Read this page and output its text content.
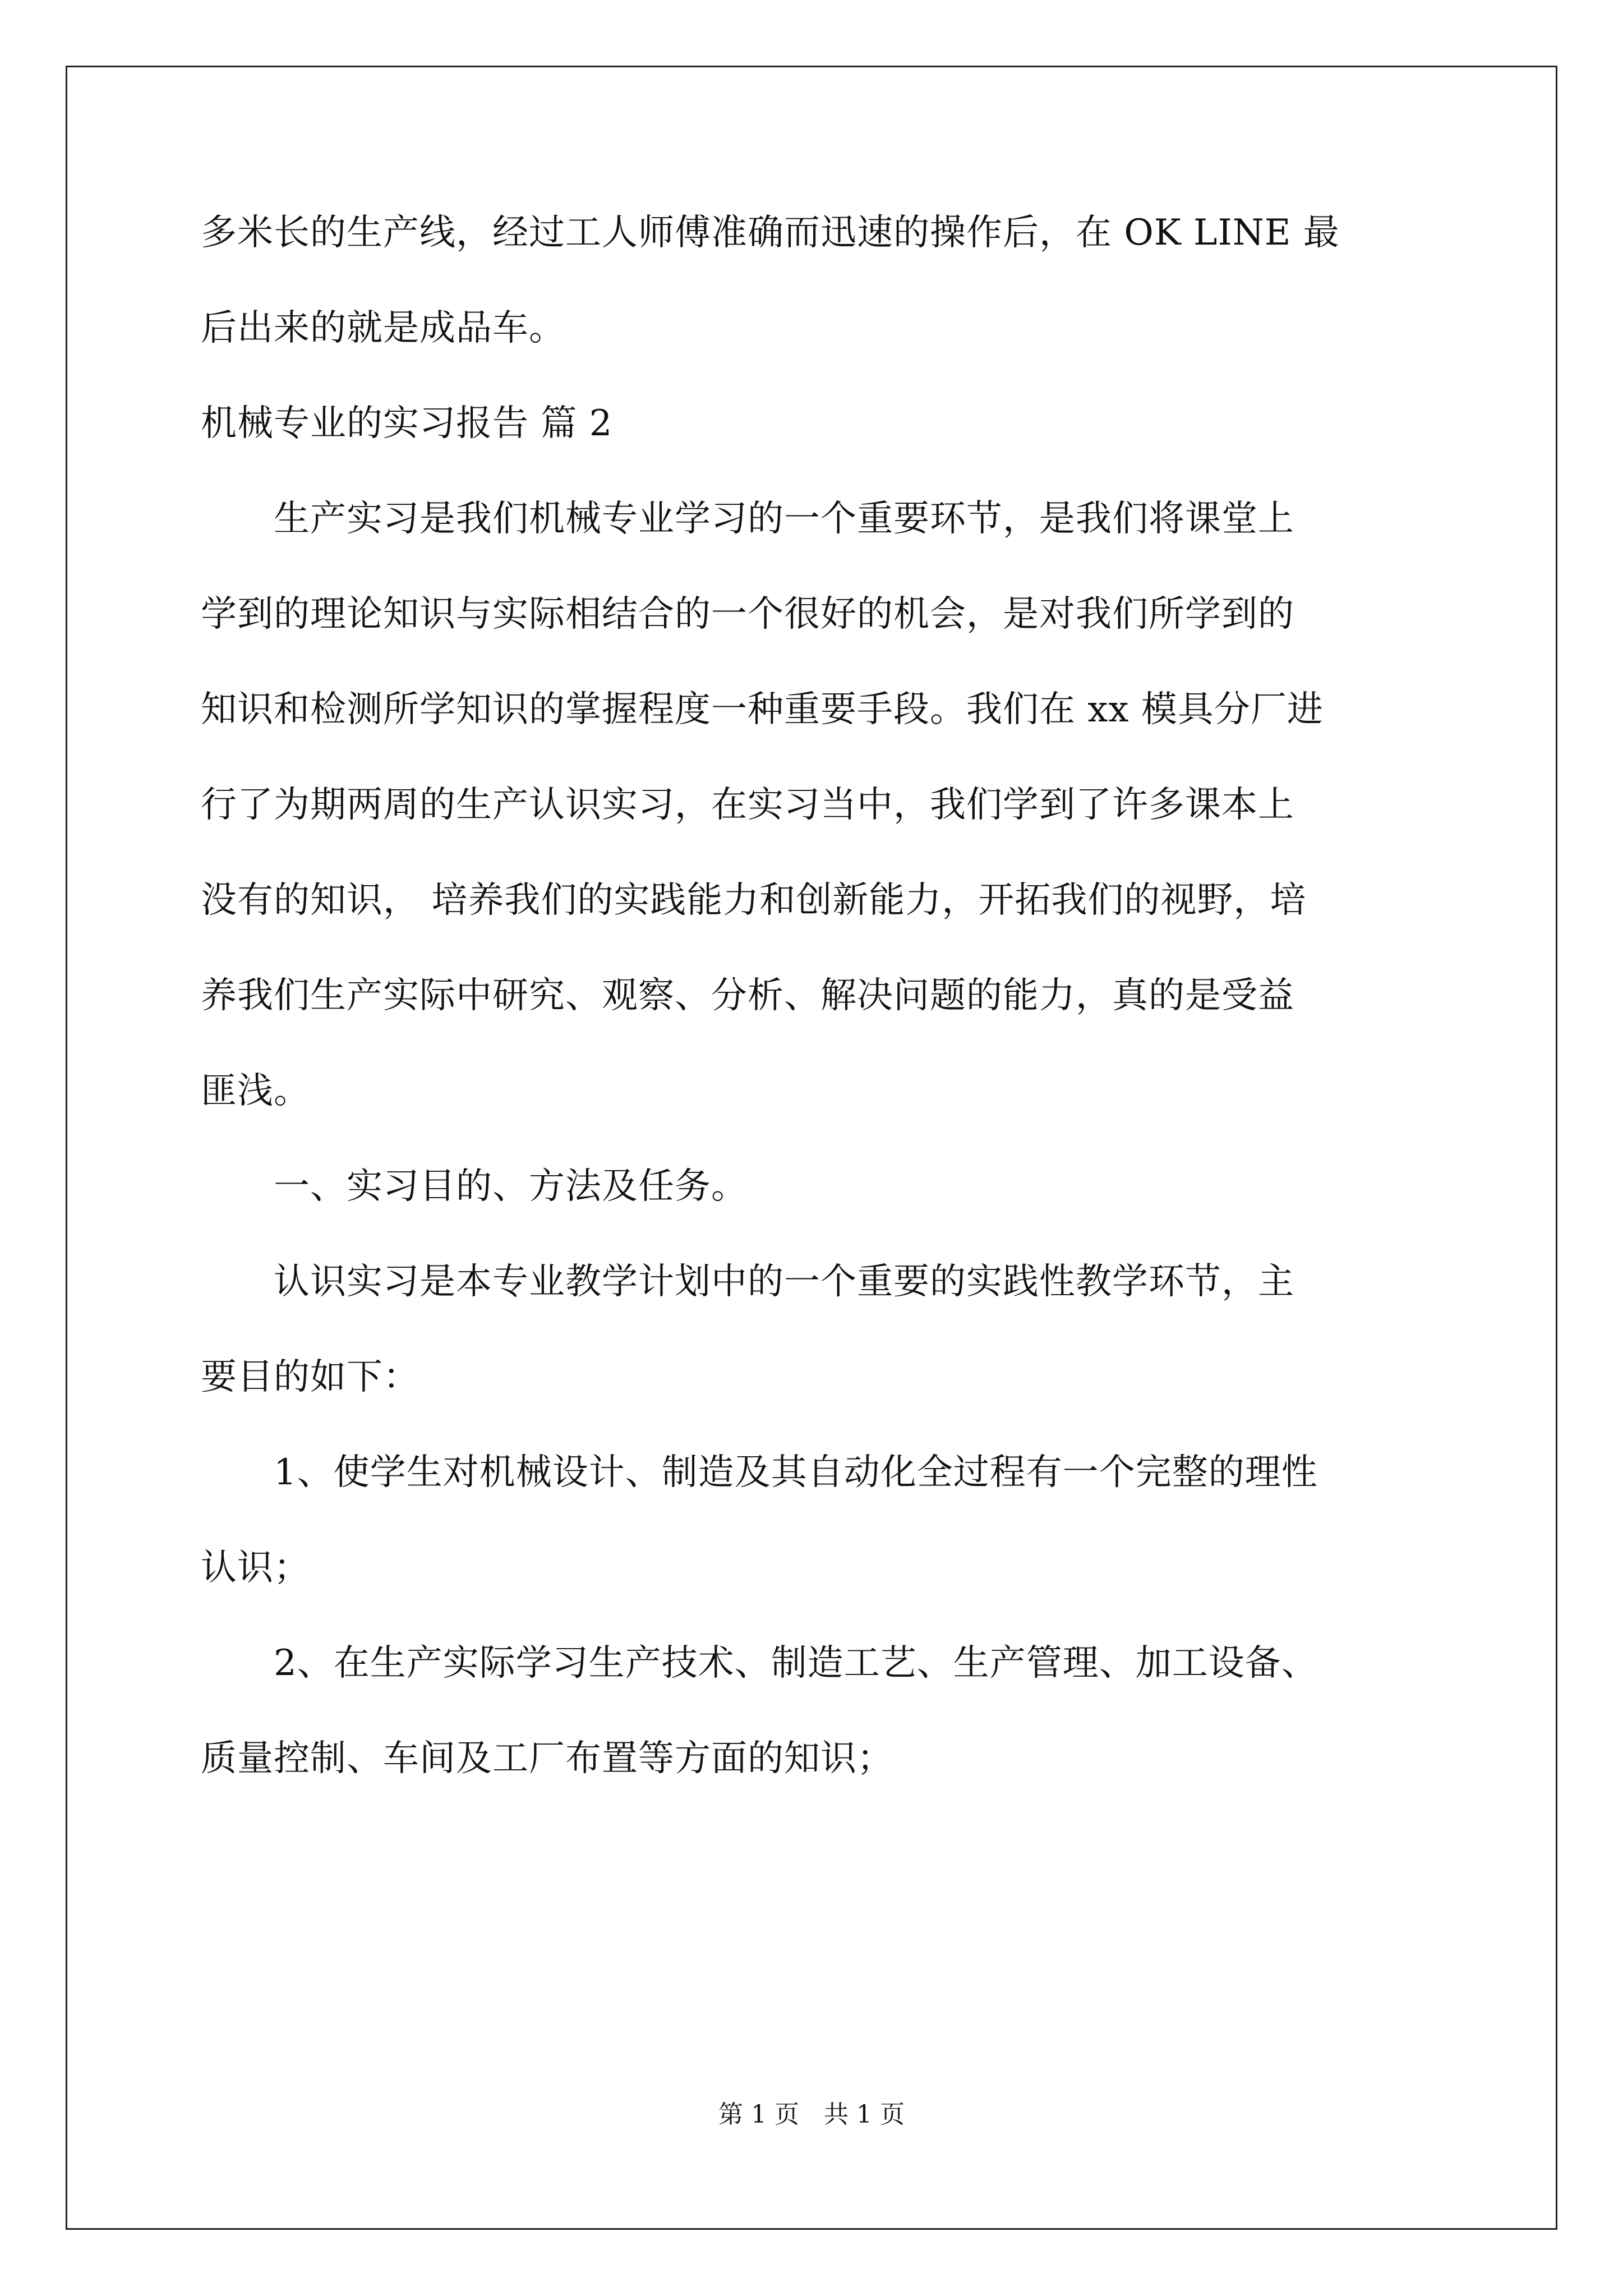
多米长的生产线，经过工人师傅准确而迅速的操作后，在 OK LINE 最
后出来的就是成品车。
机械专业的实习报告 篇 2
　　生产实习是我们机械专业学习的一个重要环节，是我们将课堂上
学到的理论知识与实际相结合的一个很好的机会，是对我们所学到的
知识和检测所学知识的掌握程度一种重要手段。我们在 xx 模具分厂进
行了为期两周的生产认识实习，在实习当中，我们学到了许多课本上
没有的知识， 培养我们的实践能力和创新能力，开拓我们的视野，培
养我们生产实际中研究、观察、分析、解决问题的能力，真的是受益
匪浅。
　　一、实习目的、方法及任务。
　　认识实习是本专业教学计划中的一个重要的实践性教学环节，主
要目的如下：
　　1、使学生对机械设计、制造及其自动化全过程有一个完整的理性
认识；
　　2、在生产实际学习生产技术、制造工艺、生产管理、加工设备、
质量控制、车间及工厂布置等方面的知识；
第 1 页　共 1 页
